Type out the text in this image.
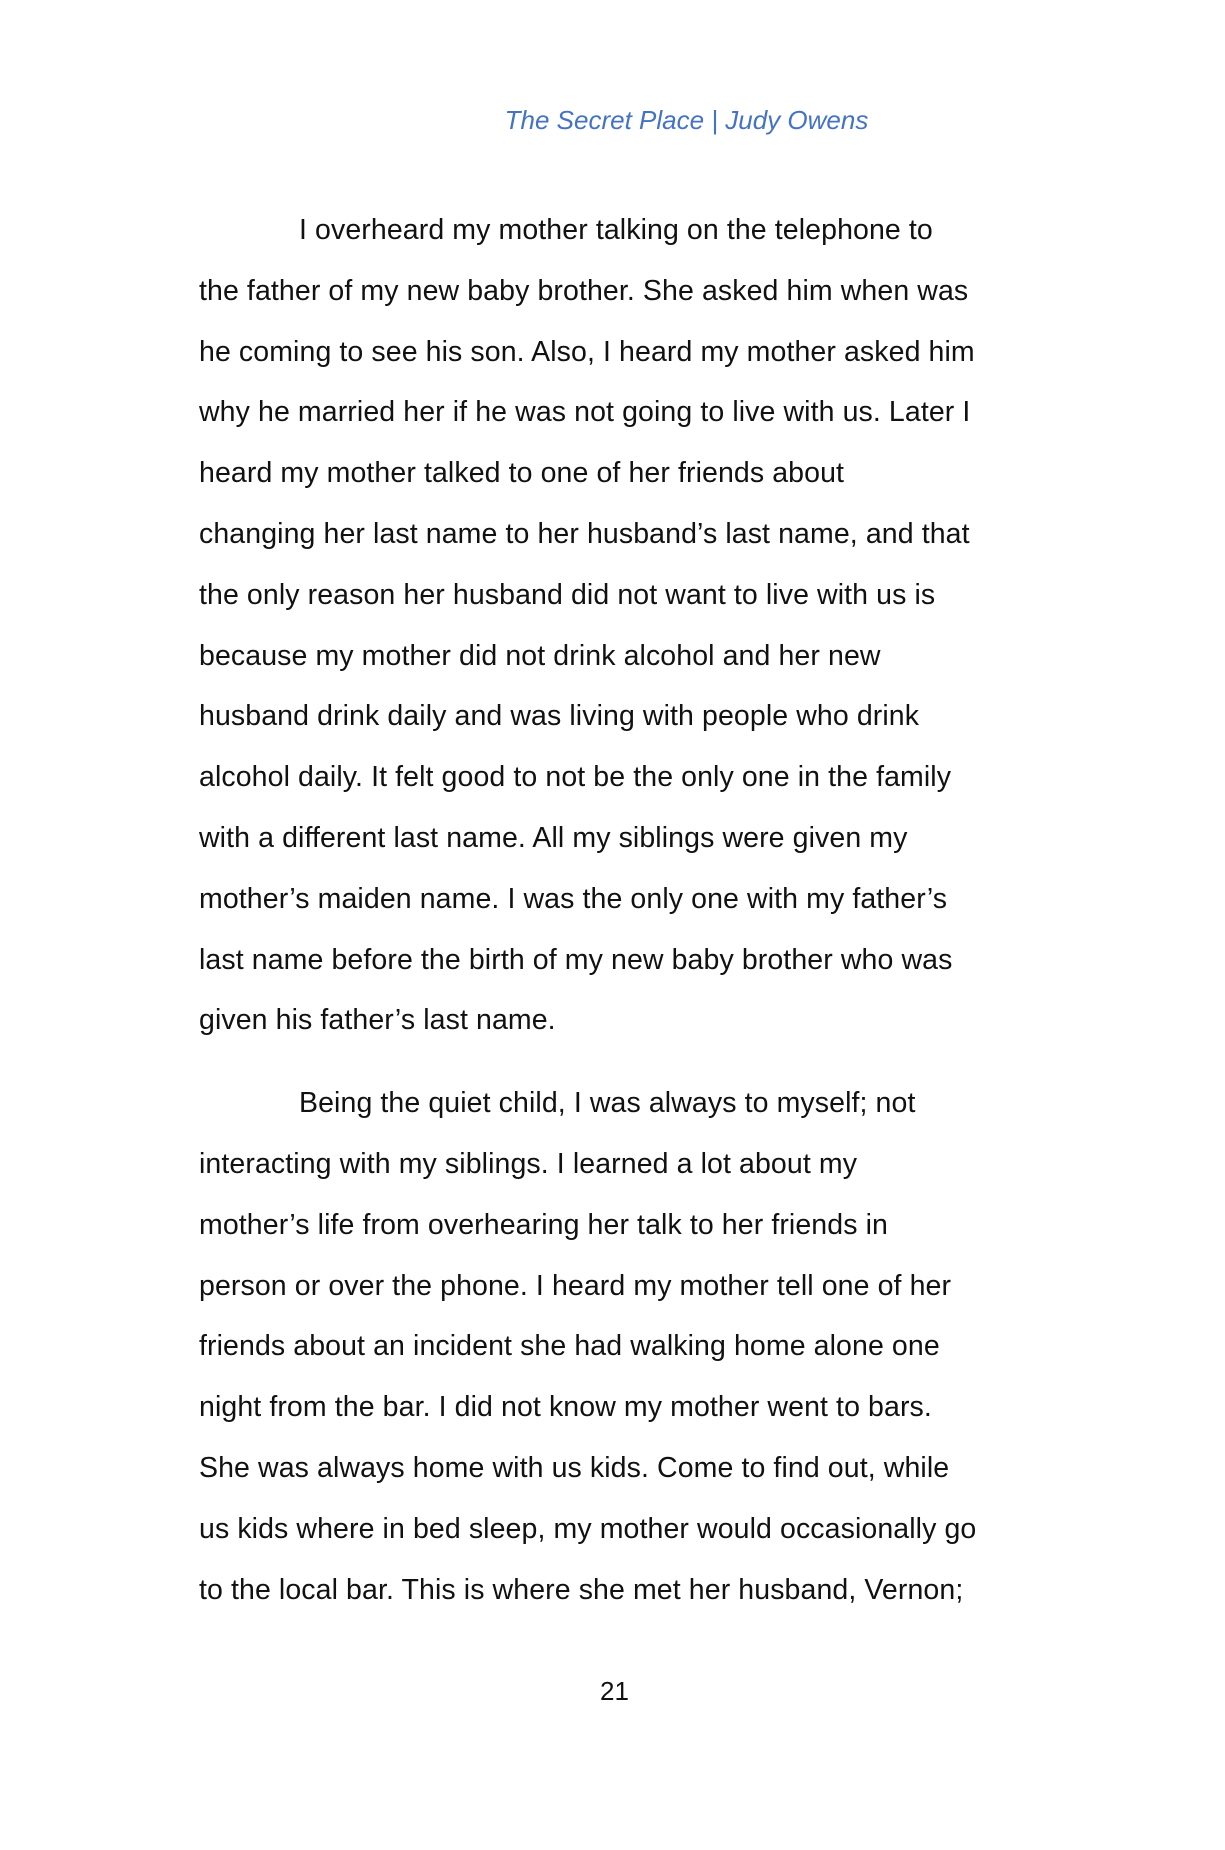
The Secret Place | Judy Owens
I overheard my mother talking on the telephone to
the father of my new baby brother. She asked him when was
he coming to see his son. Also, I heard my mother asked him
why he married her if he was not going to live with us. Later I
heard my mother talked to one of her friends about
changing her last name to her husband’s last name, and that
the only reason her husband did not want to live with us is
because my mother did not drink alcohol and her new
husband drink daily and was living with people who drink
alcohol daily. It felt good to not be the only one in the family
with a different last name. All my siblings were given my
mother’s maiden name. I was the only one with my father’s
last name before the birth of my new baby brother who was
given his father’s last name.
Being the quiet child, I was always to myself; not
interacting with my siblings. I learned a lot about my
mother’s life from overhearing her talk to her friends in
person or over the phone. I heard my mother tell one of her
friends about an incident she had walking home alone one
night from the bar. I did not know my mother went to bars.
She was always home with us kids. Come to find out, while
us kids where in bed sleep, my mother would occasionally go
to the local bar. This is where she met her husband, Vernon;
21
